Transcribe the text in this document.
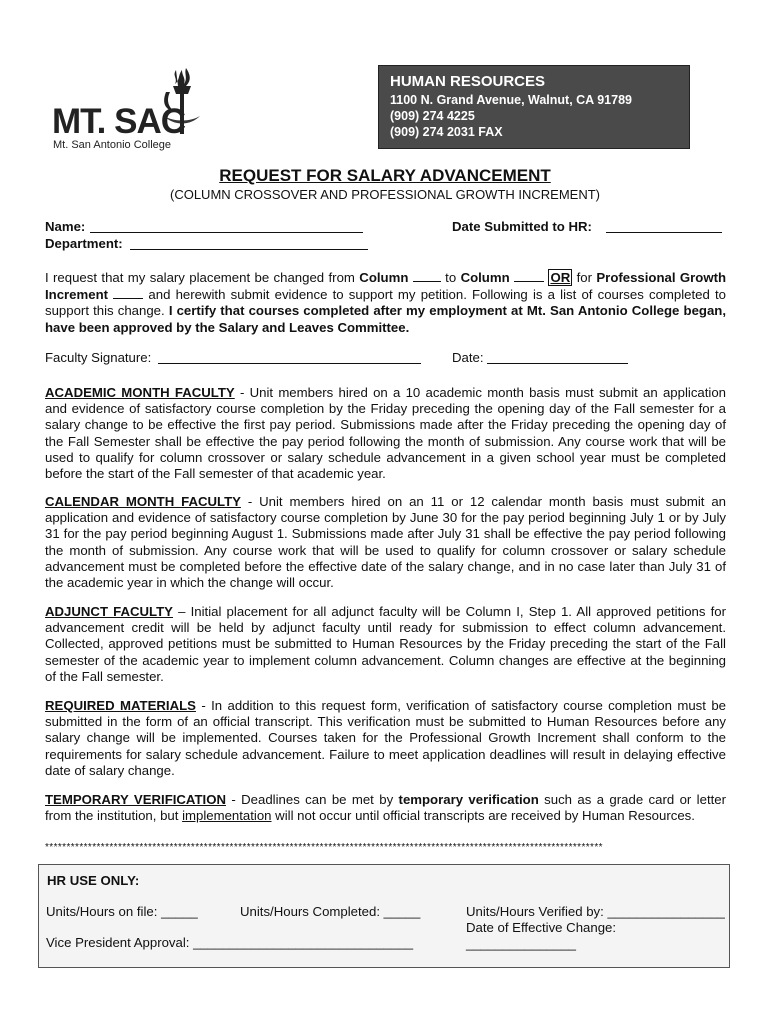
MT. SAC
Mt. San Antonio College
HUMAN RESOURCES
1100 N. Grand Avenue, Walnut, CA 91789
(909) 274 4225
(909) 274 2031 FAX
REQUEST FOR SALARY ADVANCEMENT
(COLUMN CROSSOVER AND PROFESSIONAL GROWTH INCREMENT)
Name:
Department:
Date Submitted to HR:
I request that my salary placement be changed from Column	to Column	OR for Professional Growth Increment	and herewith submit evidence to support my petition. Following is a list of courses completed to support this change. I certify that courses completed after my employment at Mt. San Antonio College began, have been approved by the Salary and Leaves Committee.
Faculty Signature:	Date:
ACADEMIC MONTH FACULTY - Unit members hired on a 10 academic month basis must submit an application and evidence of satisfactory course completion by the Friday preceding the opening day of the Fall semester for a salary change to be effective the first pay period. Submissions made after the Friday preceding the opening day of the Fall Semester shall be effective the pay period following the month of submission. Any course work that will be used to qualify for column crossover or salary schedule advancement in a given school year must be completed before the start of the Fall semester of that academic year.
CALENDAR MONTH FACULTY - Unit members hired on an 11 or 12 calendar month basis must submit an application and evidence of satisfactory course completion by June 30 for the pay period beginning July 1 or by July 31 for the pay period beginning August 1. Submissions made after July 31 shall be effective the pay period following the month of submission. Any course work that will be used to qualify for column crossover or salary schedule advancement must be completed before the effective date of the salary change, and in no case later than July 31 of the academic year in which the change will occur.
ADJUNCT FACULTY – Initial placement for all adjunct faculty will be Column I, Step 1. All approved petitions for advancement credit will be held by adjunct faculty until ready for submission to effect column advancement. Collected, approved petitions must be submitted to Human Resources by the Friday preceding the start of the Fall semester of the academic year to implement column advancement. Column changes are effective at the beginning of the Fall semester.
REQUIRED MATERIALS - In addition to this request form, verification of satisfactory course completion must be submitted in the form of an official transcript. This verification must be submitted to Human Resources before any salary change will be implemented. Courses taken for the Professional Growth Increment shall conform to the requirements for salary schedule advancement. Failure to meet application deadlines will result in delaying effective date of salary change.
TEMPORARY VERIFICATION - Deadlines can be met by temporary verification such as a grade card or letter from the institution, but implementation will not occur until official transcripts are received by Human Resources.
**********************************************************************************************************************************
HR USE ONLY:
Units/Hours on file: _____	Units/Hours Completed: _____	Units/Hours Verified by: ________________
Date of Effective Change: _______________
Vice President Approval: ______________________________
